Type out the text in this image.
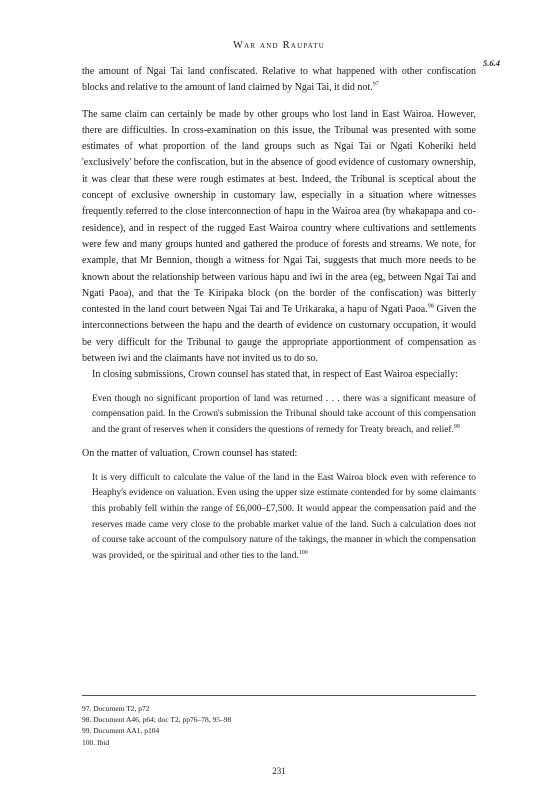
War and Raupatu
5.6.4

the amount of Ngai Tai land confiscated. Relative to what happened with other confiscation blocks and relative to the amount of land claimed by Ngai Tai, it did not.$^{97}$

The same claim can certainly be made by other groups who lost land in East Wairoa. However, there are difficulties. In cross-examination on this issue, the Tribunal was presented with some estimates of what proportion of the land groups such as Ngai Tai or Ngati Koheriki held 'exclusively' before the confiscation, but in the absence of good evidence of customary ownership, it was clear that these were rough estimates at best. Indeed, the Tribunal is sceptical about the concept of exclusive ownership in customary law, especially in a situation where witnesses frequently referred to the close interconnection of hapu in the Wairoa area (by whakapapa and co-residence), and in respect of the rugged East Wairoa country where cultivations and settlements were few and many groups hunted and gathered the produce of forests and streams. We note, for example, that Mr Bennion, though a witness for Ngai Tai, suggests that much more needs to be known about the relationship between various hapu and iwi in the area (eg, between Ngai Tai and Ngati Paoa), and that the Te Kiripaka block (on the border of the confiscation) was bitterly contested in the land court between Ngai Tai and Te Urikaraka, a hapu of Ngati Paoa.$^{98}$ Given the interconnections between the hapu and the dearth of evidence on customary occupation, it would be very difficult for the Tribunal to gauge the appropriate apportionment of compensation as between iwi and the claimants have not invited us to do so.

In closing submissions, Crown counsel has stated that, in respect of East Wairoa especially:

Even though no significant proportion of land was returned . . . there was a significant measure of compensation paid. In the Crown's submission the Tribunal should take account of this compensation and the grant of reserves when it considers the questions of remedy for Treaty breach, and relief.$^{99}$

On the matter of valuation, Crown counsel has stated:

It is very difficult to calculate the value of the land in the East Wairoa block even with reference to Heaphy's evidence on valuation. Even using the upper size estimate contended for by some claimants this probably fell within the range of £6,000–£7,500. It would appear the compensation paid and the reserves made came very close to the probable market value of the land. Such a calculation does not of course take account of the compulsory nature of the takings, the manner in which the compensation was provided, or the spiritual and other ties to the land.$^{100}$

97. Document T2, p72
98. Document A46, p64; doc T2, pp76–78, 95–98
99. Document AA1, p104
100. Ibid
231
